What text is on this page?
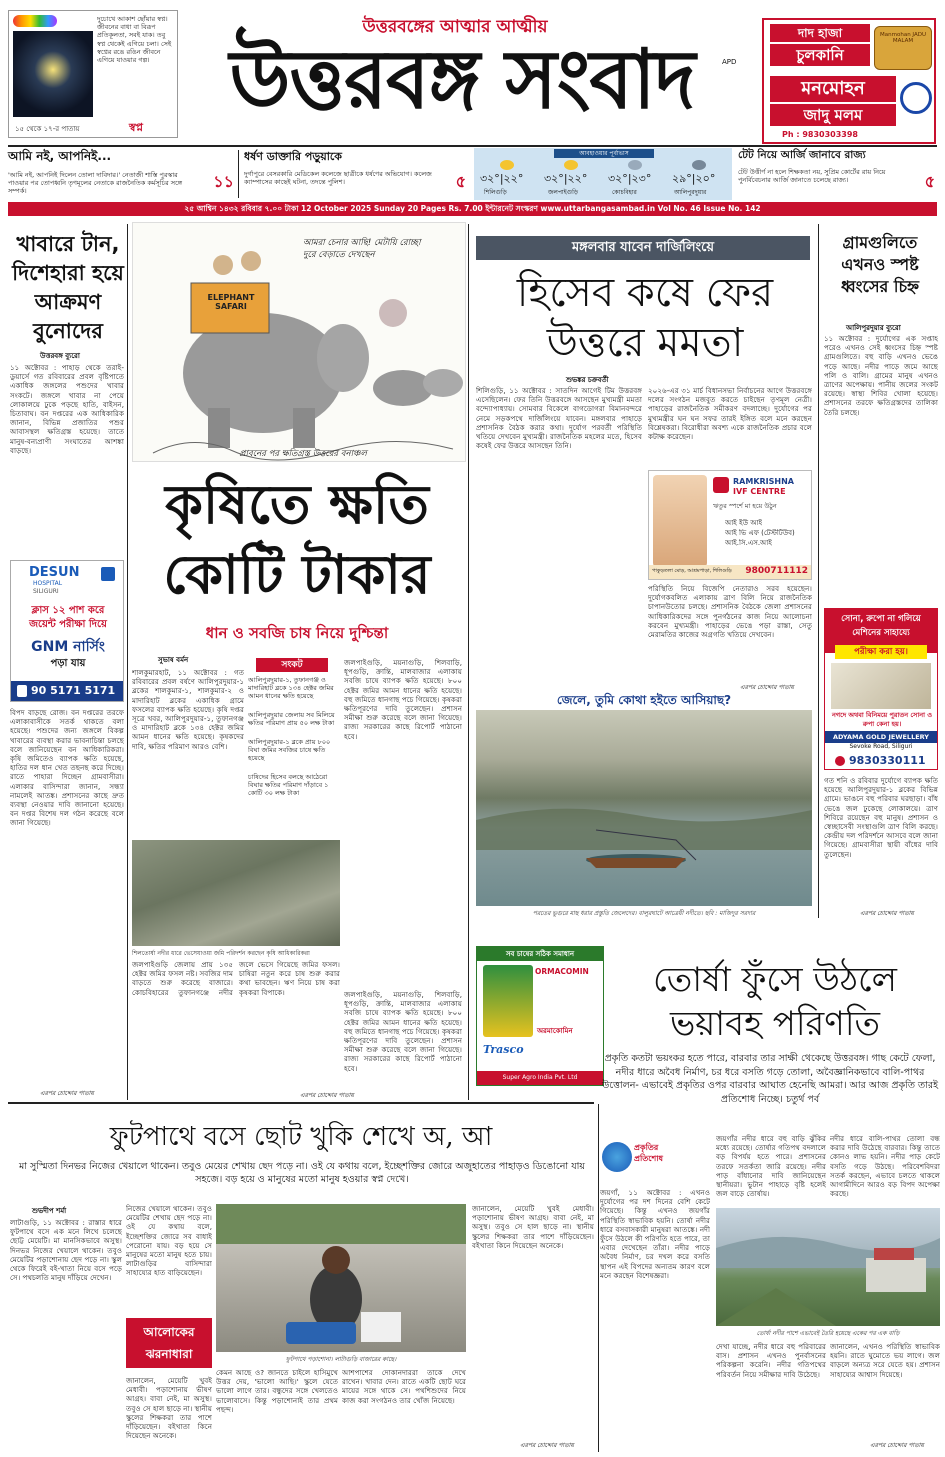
দুচোখে আকাশ ছোঁয়ার স্বপ্ন। জীবনের বাধা বা বিরূপ প্রতিকূলতা, সবই যাক। তবু স্বপ্ন থেকেই এগিয়ে চলা। সেই স্বপ্নের রঙে রঙিন জীবনে এগিয়ে যাওয়ার গল্প।
স্বপ্ন
১৫ থেকে ১৭-র পাতায়
উত্তরবঙ্গের আত্মার আত্মীয়
উত্তরবঙ্গ সংবাদ	APD
দাদ হাজা
চুলকানি
Manmohan JADU MALAM
মনমোহন
জাদু মলম
Ph : 9830303398
আমি নই, আপনিই...
'আমি নই, আপনিই দিলেন তোলা দাবিদার।' নেতাজী শাস্তি পুরস্কার পাওয়ার পর তোপধ্বনি তৃণমূলের নেতাকে রাজনৈতিক কর্মসূচির সঙ্গে সম্পর্ক।	১১
ধর্ষণ ডাক্তারি পড়ুয়াকে
দুর্গাপুরে বেসরকারি মেডিকেল কলেজে ছাত্রীকে ধর্ষণের অভিযোগ। কলেজ ক্যাম্পাসের কাছেই ঘটনা, তদন্তে পুলিশ।	৫
আবহাওয়ার পূর্বাভাস
৩২°|২২°
শিলিগুড়ি
৩২°|২২°
জলপাইগুড়ি
৩২°|২৩°
কোচবিহার
২৯°|২০°
আলিপুরদুয়ার
টেট নিয়ে আর্জি জানাবে রাজ্য
টেট উত্তীর্ণ না হলে শিক্ষকতা নয়, সুপ্রিম কোর্টের রায় নিয়ে পুনর্বিবেচনার আর্জি জানাতে চলেছে রাজ্য।	৫
২৫ আশ্বিন ১৪৩২ রবিবার ৭.০০ টাকা 12 October 2025 Sunday 20 Pages Rs. 7.00 ইন্টারনেট সংস্করণ www.uttarbangasambad.in Vol No. 46 Issue No. 142
খাবারে টান, দিশেহারা হয়ে আক্রমণ বুনোদের
উত্তরবঙ্গ ব্যুরো
১১ অক্টোবর : পাহাড় থেকে তরাই-ডুয়ার্সে গত রবিবারের প্রবল বৃষ্টিপাতে একাধিক জঙ্গলের পশুদের খাবার সংকটে। জঙ্গলে খাবার না পেয়ে লোকালয়ে ঢুকে পড়ছে হাতি, বাইসন, চিতাবাঘ। বন দপ্তরের এক আধিকারিক জানান, বিভিন্ন প্রজাতির পশুর আবাসস্থল ক্ষতিগ্রস্ত হয়েছে। তাতে মানুষ-বন্যপ্রাণী সংঘাতের আশঙ্কা বাড়ছে।
DESUN
HOSPITAL
SILIGURI
ক্লাস ১২ পাশ করে
জয়েন্ট পরীক্ষা দিয়ে
GNM নার্সিং
পড়া যায়
90 5171 5171
বিপদ বাড়ছে রোজ। বন দপ্তরের তরফে এলাকাবাসীকে সতর্ক থাকতে বলা হয়েছে। পশুদের জন্য জঙ্গলে বিকল্প খাবারের ব্যবস্থা করার ভাবনাচিন্তা চলছে বলে জানিয়েছেন বন আধিকারিকরা। কৃষি জমিতেও ব্যাপক ক্ষতি হয়েছে, হাতির দল ধান খেত তছনছ করে দিচ্ছে। রাতে পাহারা দিচ্ছেন গ্রামবাসীরা। এলাকার বাসিন্দারা জানান, সন্ধ্যা নামলেই আতঙ্ক। প্রশাসনের কাছে দ্রুত ব্যবস্থা নেওয়ার দাবি জানানো হয়েছে। বন দপ্তর বিশেষ দল গঠন করেছে বলে জানা গিয়েছে।
এরপর চোদ্দোর পাতায়
আমরা চেনার আছি! মেটায়ি রোচ্ছা দুরে বেড়াতে দেখছেন
ELEPHANT SAFARI
প্রাবনের পর ক্ষতিগ্রস্ত উত্তরের বনাঞ্চল
কৃষিতে ক্ষতি কোটি টাকার
ধান ও সবজি চাষ নিয়ে দুশ্চিন্তা
সুভাষ বর্মন
শালকুমারহাট, ১১ অক্টোবর : গত রবিবারের প্রবল বর্ষণে আলিপুরদুয়ার-১ ব্লকের শালকুমার-১, শালকুমার-২ ও মাদারিহাট ব্লকের একাধিক গ্রামে ফসলের ব্যাপক ক্ষতি হয়েছে। কৃষি দপ্তর সূত্রে খবর, আলিপুরদুয়ার-১, তুফানগঞ্জ ও মাদারিহাট ব্লকে ১৩৪ হেক্টর জমির আমন ধানের ক্ষতি হয়েছে। কৃষকদের দাবি, ক্ষতির পরিমাণ আরও বেশি।
সংকট
আলিপুরদুয়ার-১, তুফানগঞ্জ ও মাদারিহাট ব্লকে ১৩৪ হেক্টর জমির আমন ধানের ক্ষতি হয়েছে
আলিপুরদুয়ার জেলায় সব মিলিয়ে ক্ষতির পরিমাণ প্রায় ৫০ লক্ষ টাকা
আলিপুরদুয়ার-১ ব্লকে প্রায় ৮০০ বিঘা জমির সবজির চাষে ক্ষতি হয়েছে
চাষিদের হিসেব বলছে আঠেরো বিঘার ক্ষতির পরিমাণ দাঁড়াবে ১ কোটি ৩০ লক্ষ টাকা
জলপাইগুড়ি, ময়নাগুড়ি, শিলবাড়ি, ধূপগুড়ি, ক্রান্তি, মালবাজার এলাকায় সবজি চাষে ব্যাপক ক্ষতি হয়েছে। ৮০০ হেক্টর জমির আমন ধানের ক্ষতি হয়েছে। বহু জমিতে ধানগাছ পচে গিয়েছে। কৃষকরা ক্ষতিপূরণের দাবি তুলেছেন। প্রশাসন সমীক্ষা শুরু করেছে বলে জানা গিয়েছে। রাজ্য সরকারের কাছে রিপোর্ট পাঠানো হবে।
শিলতোর্ষা নদীর ধারে ভেসেযাওয়া জমি পরিদর্শন করছেন কৃষি আধিকারিকরা
জলপাইগুড়ি জেলায় প্রায় ১৩৫ হেক্টর জমির ফসল নষ্ট। সবজির দাম বাড়তে শুরু করেছে বাজারে। কোচবিহারের তুফানগঞ্জে নদীর জলে ভেসে গিয়েছে জমির ফসল। চাষিরা নতুন করে চাষ শুরু করার কথা ভাবছেন। ঋণ নিয়ে চাষ করা কৃষকরা বিপাকে।	জলপাইগুড়ি, ময়নাগুড়ি, শিলবাড়ি, ধূপগুড়ি, ক্রান্তি, মালবাজার এলাকায় সবজি চাষে ব্যাপক ক্ষতি হয়েছে। ৮০০ হেক্টর জমির আমন ধানের ক্ষতি হয়েছে। বহু জমিতে ধানগাছ পচে গিয়েছে। কৃষকরা ক্ষতিপূরণের দাবি তুলেছেন। প্রশাসন সমীক্ষা শুরু করেছে বলে জানা গিয়েছে। রাজ্য সরকারের কাছে রিপোর্ট পাঠানো হবে।
এরপর চোদ্দোর পাতায়
মঙ্গলবার যাবেন দার্জিলিংয়ে
হিসেব কষে ফের উত্তরে মমতা
শুভঙ্কর চক্রবর্তী
শিলিগুড়ি, ১১ অক্টোবর : সাতদিন আগেই টিম উত্তরবঙ্গ এসেছিলেন। ফের তিনি উত্তরবঙ্গে আসছেন মুখ্যমন্ত্রী মমতা বন্দ্যোপাধ্যায়। সোমবার বিকেলে বাগডোগরা বিমানবন্দরে নেমে সড়কপথে দার্জিলিংয়ে যাবেন। মঙ্গলবার পাহাড়ে প্রশাসনিক বৈঠক করার কথা। দুর্যোগ পরবর্তী পরিস্থিতি খতিয়ে দেখবেন মুখ্যমন্ত্রী। রাজনৈতিক মহলের মতে, হিসেব কষেই ফের উত্তরে আসছেন তিনি।
২০২৬-এর ৩১ মার্চ বিধানসভা নির্বাচনের আগে উত্তরবঙ্গে দলের সংগঠন মজবুত করতে চাইছেন তৃণমূল নেত্রী। পাহাড়ের রাজনৈতিক সমীকরণ বদলাচ্ছে। দুর্যোগের পর মুখ্যমন্ত্রীর ঘন ঘন সফর তারই ইঙ্গিত বলে মনে করছেন বিশ্লেষকরা। বিরোধীরা অবশ্য একে রাজনৈতিক প্রচার বলে কটাক্ষ করেছেন।
RAMKRISHNA
IVF CENTRE
ঋতুর স্পর্শে মা হয়ে উঠুন
আই ইউ আই
আই ভি এফ (টেস্টটিউব)
আই.সি.এস.আই
পাকুড়তলা মোড়, আশ্রমপাড়া, শিলিগুড়ি 9800711112
পরিস্থিতি নিয়ে বিজেপি নেতারাও সরব হয়েছেন। দুর্যোগকবলিত এলাকায় ত্রাণ বিলি নিয়ে রাজনৈতিক চাপানউতোর চলছে। প্রশাসনিক বৈঠকে জেলা প্রশাসনের আধিকারিকদের সঙ্গে পুনর্গঠনের কাজ নিয়ে আলোচনা করবেন মুখ্যমন্ত্রী। পাহাড়ের ভেঙে পড়া রাস্তা, সেতু মেরামতির কাজের অগ্রগতি খতিয়ে দেখবেন।
এরপর চোদ্দোর পাতায়
জেলে, তুমি কোথা হইতে আসিয়াছ?
পরতের ভুগুরে মাছ ধরার প্রস্তুতি জেলেদের। বালুরঘাটে আত্রেয়ী নদীতে। ছবি : মাজিদুর সরদার
গ্রামগুলিতে এখনও স্পষ্ট ধ্বংসের চিহ্ন
আলিপুরদুয়ার ব্যুরো
১১ অক্টোবর : দুর্যোগের এক সপ্তাহ পরেও এখনও সেই ধ্বংসের চিহ্ন স্পষ্ট গ্রামগুলিতে। বহু বাড়ি এখনও ভেঙে পড়ে আছে। নদীর পাড়ে জমে আছে পলি ও বালি। গ্রামের মানুষ এখনও ত্রাণের অপেক্ষায়। পানীয় জলের সংকট রয়েছে। স্বাস্থ্য শিবির খোলা হয়েছে। প্রশাসনের তরফে ক্ষতিগ্রস্তদের তালিকা তৈরি চলছে।
সোনা, রুপো না গলিয়ে
মেশিনের সাহায্যে
পরীক্ষা করা হয়।
নগদে অথবা বিনিময়ে পুরাতন সোনা ও রুপা কেনা হয়।
ADYAMA GOLD JEWELLERY
Sevoke Road, Siliguri
9830330111
গত শনি ও রবিবার দুর্যোগে ব্যাপক ক্ষতি হয়েছে আলিপুরদুয়ার-১ ব্লকের বিভিন্ন গ্রামে। ভাঙনে বহু পরিবার ঘরছাড়া। বাঁধ ভেঙে জল ঢুকেছে লোকালয়ে। ত্রাণ শিবিরে রয়েছেন বহু মানুষ। প্রশাসন ও স্বেচ্ছাসেবী সংস্থাগুলি ত্রাণ বিলি করছে। কেন্দ্রীয় দল পরিদর্শনে আসবে বলে জানা গিয়েছে। গ্রামবাসীরা স্থায়ী বাঁধের দাবি তুলেছেন।
এরপর চোদ্দোর পাতায়
সব চাষের সঠিক সমাধান
ORMACOMIN
অরমাকোমিন
Trasco
Super Agro India Pvt. Ltd
তোর্ষা ফুঁসে উঠলে ভয়াবহ পরিণতি
প্রকৃতি কতটা ভয়ংকর হতে পারে, বারবার তার সাক্ষী থেকেছে উত্তরবঙ্গ। গাছ কেটে ফেলা, নদীর ধারে অবৈধ নির্মাণ, চর ধরে বসতি গড়ে তোলা, অবৈজ্ঞানিকভাবে বালি-পাথর উত্তোলন- এভাবেই প্রকৃতির ওপর বারবার আঘাত হেনেছি আমরা। আর আজ প্রকৃতি তারই প্রতিশোধ নিচ্ছে। চতুর্থ পর্ব
ফুটপাথে বসে ছোট খুকি শেখে অ, আ
মা সুস্মিতা দিনভর নিজের খেয়ালে থাকেন। তবুও মেয়ের শেখায় ছেদ পড়ে না। ওই যে কথায় বলে, ইচ্ছেশক্তির জোরে অজুহাতের পাহাড়ও ডিঙোনো যায় সহজে। বড় হয়ে ও মানুষের মতো মানুষ হওয়ার স্বপ্ন দেখে।
শুভদীপ শর্মা
লাটাগুড়ি, ১১ অক্টোবর : রাস্তার ধারে ফুটপাথে বসে এক মনে লিখে চলেছে ছোট্ট মেয়েটি। মা মানসিকভাবে অসুস্থ। দিনভর নিজের খেয়ালে থাকেন। তবুও মেয়েটির পড়াশোনায় ছেদ পড়ে না। স্কুল থেকে ফিরেই বই-খাতা নিয়ে বসে পড়ে সে। পথচলতি মানুষ দাঁড়িয়ে দেখেন।
নিজের খেয়ালে থাকেন। তবুও মেয়েটির শেখায় ছেদ পড়ে না। ওই যে কথায় বলে, ইচ্ছেশক্তির জোরে সব বাধাই পেরোনো যায়। বড় হয়ে সে মানুষের মতো মানুষ হতে চায়। লাটাগুড়ির বাসিন্দারা সাহায্যের হাত বাড়িয়েছেন।
আলোকের ঝরনাধারা
জানালেন, মেয়েটি খুবই মেধাবী। পড়াশোনায় ভীষণ আগ্রহ। বাবা নেই, মা অসুস্থ। তবুও সে হাল ছাড়ে না। স্থানীয় স্কুলের শিক্ষকরা তার পাশে দাঁড়িয়েছেন। বইখাতা কিনে দিয়েছেন অনেকে।
ফুটপাথে পড়াশোনা। লাটাগুড়ি বাজারের কাছে।
কেমন আছে ও? জানতে চাইলে হাসিমুখে উত্তর দেয়, 'ভালো আছি।' স্কুলে যেতে ভালো লাগে তার। বন্ধুদের সঙ্গে খেলতেও ভালোবাসে। কিন্তু পড়াশোনাই তার প্রথম পছন্দ।
আশপাশের দোকানদাররা তাকে দেখে রাখেন। খাবার দেন। রাতে একটি ছোট ঘরে মায়ের সঙ্গে থাকে সে। পথশিশুদের নিয়ে কাজ করা সংগঠনও তার খোঁজ নিয়েছে।
জানালেন, মেয়েটি খুবই মেধাবী। পড়াশোনায় ভীষণ আগ্রহ। বাবা নেই, মা অসুস্থ। তবুও সে হাল ছাড়ে না। স্থানীয় স্কুলের শিক্ষকরা তার পাশে দাঁড়িয়েছেন। বইখাতা কিনে দিয়েছেন অনেকে।
এরপর চোদ্দোর পাতায়
প্রকৃতির প্রতিশোধ
জয়গাঁ, ১১ অক্টোবর : এখনও দুর্যোগের পর দশ দিনের বেশি কেটে গিয়েছে। কিন্তু এখনও জয়গাঁর পরিস্থিতি স্বাভাবিক হয়নি। তোর্ষা নদীর ধারে বসবাসকারী মানুষরা আতঙ্কে। নদী ফুঁসে উঠলে কী পরিণতি হতে পারে, তা এবার দেখেছেন তাঁরা। নদীর পাড়ে অবৈধ নির্মাণ, চর দখল করে বসতি স্থাপন এই বিপদের অন্যতম কারণ বলে মনে করছেন বিশেষজ্ঞরা।
জয়গাঁর নদীর ধারে বহু বাড়ি ঝুঁকির মধ্যে রয়েছে। তোর্ষার গতিপথ বদলালে বড় বিপর্যয় হতে পারে। প্রশাসনের তরফে সতর্কতা জারি রয়েছে। নদীর পাড় বাঁধানোর দাবি জানিয়েছেন স্থানীয়রা। ভুটান পাহাড়ে বৃষ্টি হলেই জল বাড়ে তোর্ষায়।
নদীর ধারে বালি-পাথর তোলা বন্ধ করার দাবি উঠেছে বারবার। কিন্তু তাতে কোনও লাভ হয়নি। নদীর পাড় কেটে বসতি গড়ে উঠছে। পরিবেশবিদরা সতর্ক করছেন, এভাবে চলতে থাকলে আগামীদিনে আরও বড় বিপদ অপেক্ষা করছে।
তোর্ষা নদীর পাশে এভাবেই তৈরি হয়েছে একের পর এক বাড়ি
দেখা যাচ্ছে, নদীর ধারে বহু পরিবারের বাস। প্রশাসন এখনও পুনর্বাসনের পরিকল্পনা করেনি। নদীর গতিপথের পরিবর্তন নিয়ে সমীক্ষার দাবি উঠেছে।
জানালেন, এখনও পরিস্থিতি স্বাভাবিক হয়নি। রাতে ঘুমোতে ভয় লাগে। জল বাড়লে অন্যত্র সরে যেতে হয়। প্রশাসন সাহায্যের আশ্বাস দিয়েছে।
এরপর চোদ্দোর পাতায়
